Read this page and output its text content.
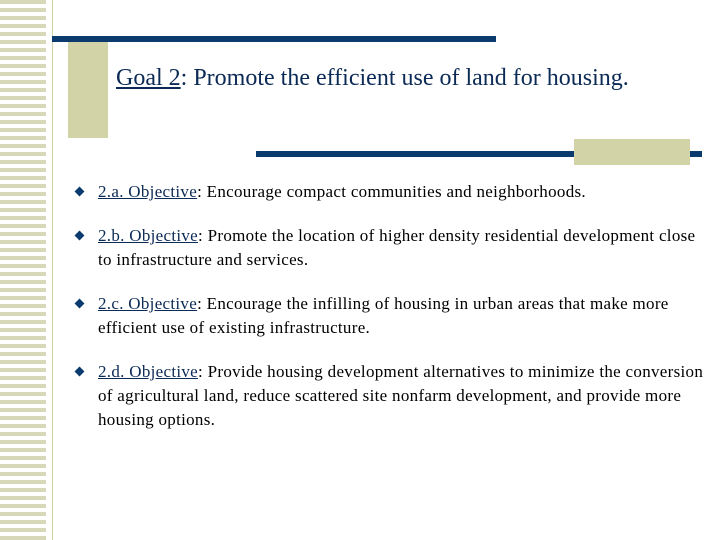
Goal 2: Promote the efficient use of land for housing.
2.a. Objective: Encourage compact communities and neighborhoods.
2.b. Objective: Promote the location of higher density residential development close to infrastructure and services.
2.c. Objective: Encourage the infilling of housing in urban areas that make more efficient use of existing infrastructure.
2.d. Objective: Provide housing development alternatives to minimize the conversion of agricultural land, reduce scattered site nonfarm development, and provide more housing options.
